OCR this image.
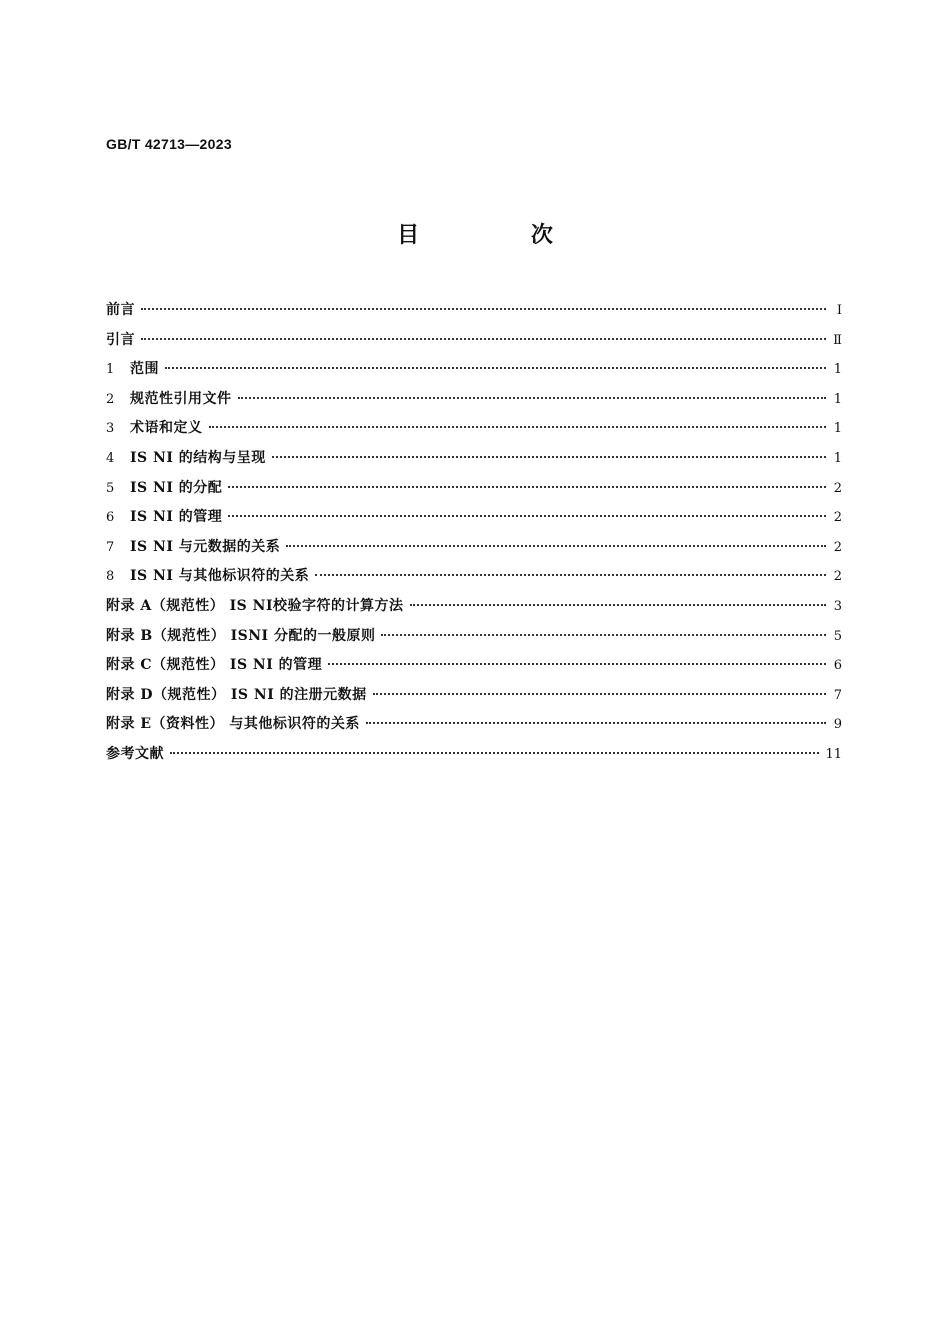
GB/T 42713—2023
目 次
前言	Ⅰ
引言	Ⅱ
1	范围	1
2	规范性引用文件	1
3	术语和定义	1
4	IS NI 的结构与呈现	1
5	IS NI 的分配	2
6	IS NI 的管理	2
7	IS NI 与元数据的关系	2
8	IS NI 与其他标识符的关系	2
附录 A（规范性） IS NI校验字符的计算方法	3
附录 B（规范性） ISNI 分配的一般原则	5
附录 C（规范性） IS NI 的管理	6
附录 D（规范性） IS NI 的注册元数据	7
附录 E（资料性） 与其他标识符的关系	9
参考文献	11
